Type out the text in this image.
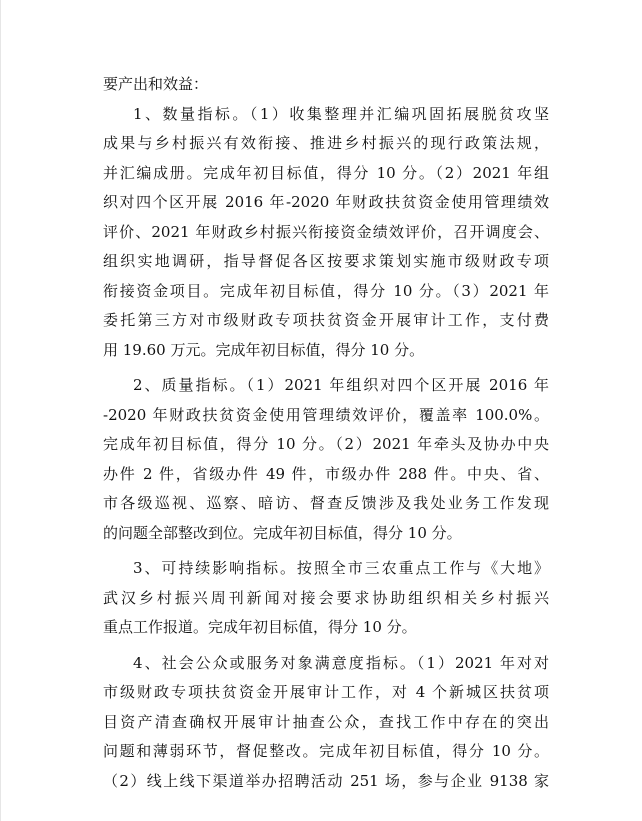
要产出和效益：

1、数量指标。（1）收集整理并汇编巩固拓展脱贫攻坚
成果与乡村振兴有效衔接、推进乡村振兴的现行政策法规，
并汇编成册。完成年初目标值，得分 10 分。（2）2021 年组
织对四个区开展 2016 年-2020 年财政扶贫资金使用管理绩效
评价、2021 年财政乡村振兴衔接资金绩效评价，召开调度会、
组织实地调研，指导督促各区按要求策划实施市级财政专项
衔接资金项目。完成年初目标值，得分 10 分。（3）2021 年
委托第三方对市级财政专项扶贫资金开展审计工作，支付费
用 19.60 万元。完成年初目标值，得分 10 分。

2、质量指标。（1）2021 年组织对四个区开展 2016 年
-2020 年财政扶贫资金使用管理绩效评价，覆盖率 100.0%。
完成年初目标值，得分 10 分。（2）2021 年牵头及协办中央
办件 2 件，省级办件 49 件，市级办件 288 件。中央、省、
市各级巡视、巡察、暗访、督查反馈涉及我处业务工作发现
的问题全部整改到位。完成年初目标值，得分 10 分。

3、可持续影响指标。按照全市三农重点工作与《大地》
武汉乡村振兴周刊新闻对接会要求协助组织相关乡村振兴
重点工作报道。完成年初目标值，得分 10 分。

4、社会公众或服务对象满意度指标。（1）2021 年对对
市级财政专项扶贫资金开展审计工作，对 4 个新城区扶贫项
目资产清查确权开展审计抽查公众，查找工作中存在的突出
问题和薄弱环节，督促整改。完成年初目标值，得分 10 分。
（2）线上线下渠道举办招聘活动 251 场，参与企业 9138 家
